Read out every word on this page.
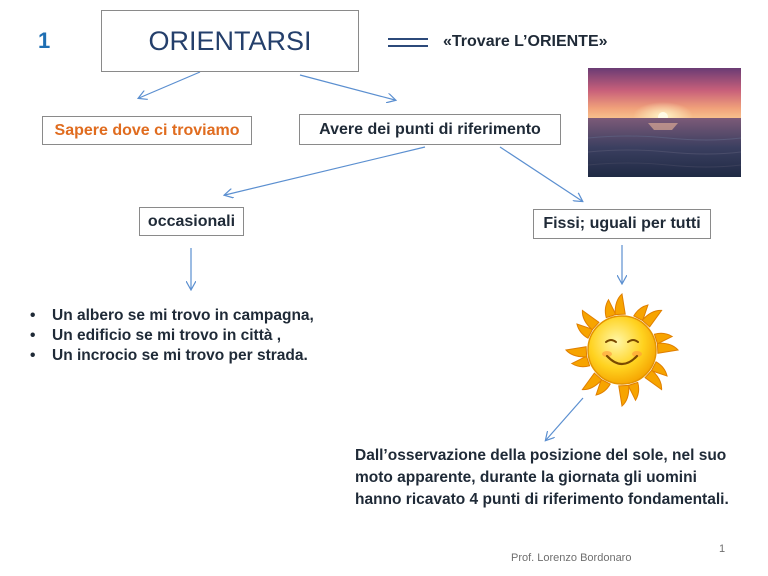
1	ORIENTARSI	«Trovare L’ORIENTE»
Sapere dove ci troviamo	Avere dei punti di riferimento
occasionali	Fissi; uguali per tutti
• Un albero se mi trovo in campagna,
• Un edificio se mi trovo in città ,
• Un incrocio se mi trovo per strada.
Dall’osservazione della posizione del sole, nel suo moto apparente, durante la giornata gli uomini hanno ricavato 4 punti di riferimento fondamentali.
Prof. Lorenzo Bordonaro
1
